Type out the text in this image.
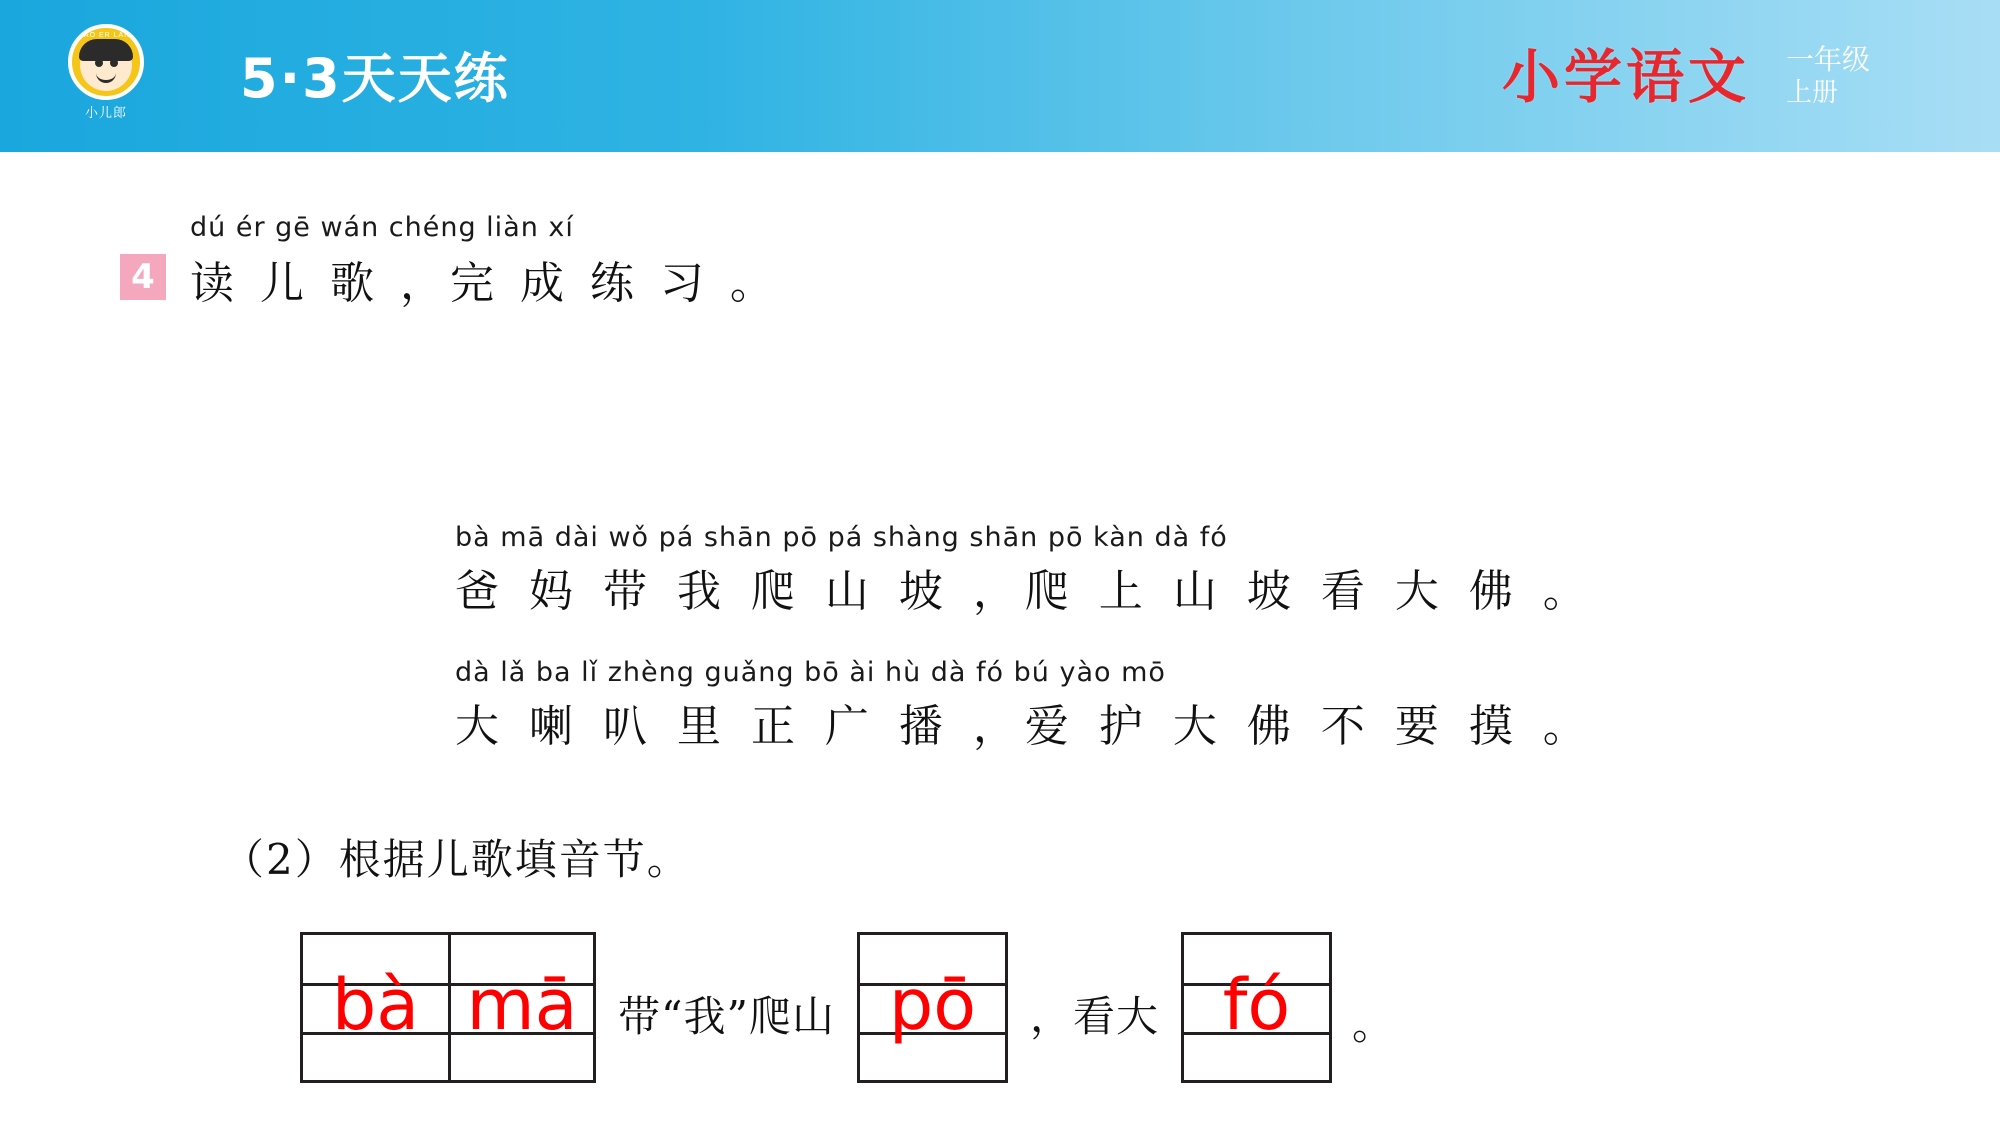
XIAO ER LANG
小儿郎
5·3天天练	小学语文 一年级
上册
4
dú ér gē wán chéng liàn xí
读 儿 歌 ，完 成 练 习 。
bà mā dài wǒ pá shān pō pá shàng shān pō kàn dà fó
爸 妈 带 我 爬 山 坡 ，爬 上 山 坡 看 大 佛 。
dà lǎ ba lǐ zhèng guǎng bō ài hù dà fó bú yào mō
大 喇 叭 里 正 广 播 ，爱 护 大 佛 不 要 摸 。
（2）根据儿歌填音节。
bà mā 带“我”爬山 pō ，看大 fó 。
